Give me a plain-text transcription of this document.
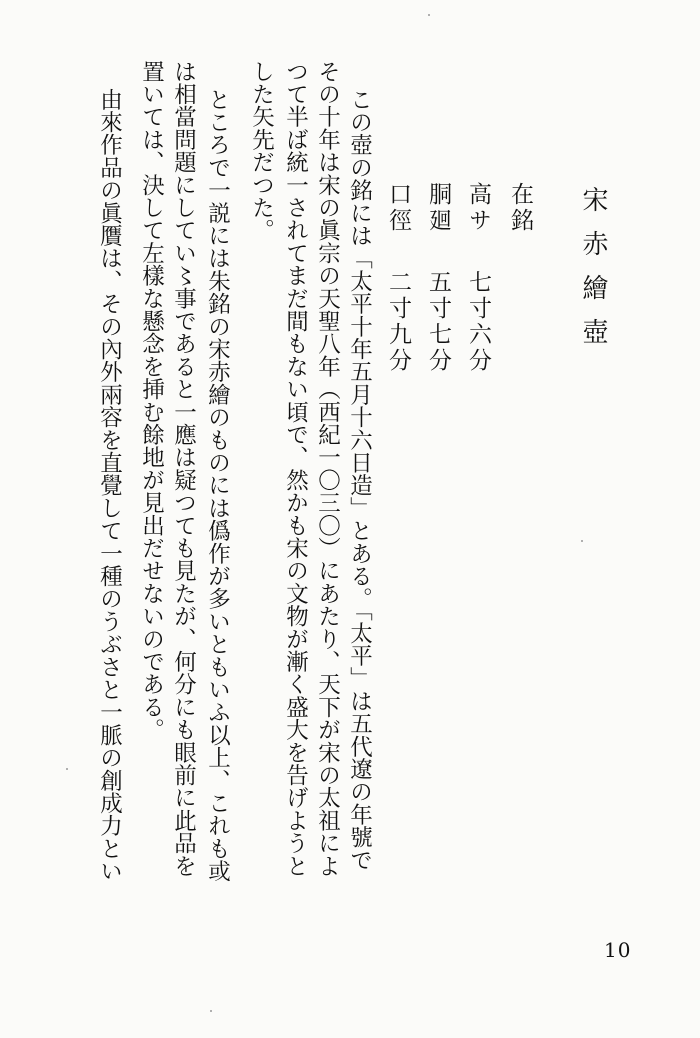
宋赤繪壺
在銘
高サ七寸六分
胴廻五寸七分
口徑二寸九分
この壺の銘には「太平十年五月十六日造」とある。「太平」は五代遼の年號で
その十年は宋の眞宗の天聖八年（西紀一〇三〇）にあたり、天下が宋の太祖によ
つて半ば統一されてまだ間もない頃で、然かも宋の文物が漸く盛大を告げようと
した矢先だつた。
ところで一説には朱銘の宋赤繪のものには僞作が多いともいふ以上、これも或
は相當問題にしてい〻事であると一應は疑つても見たが、何分にも眼前に此品を
置いては、決して左樣な懸念を挿む餘地が見出だせないのである。
由來作品の眞贋は、その內外兩容を直覺して一種のうぶさと一脈の創成力とい
10
